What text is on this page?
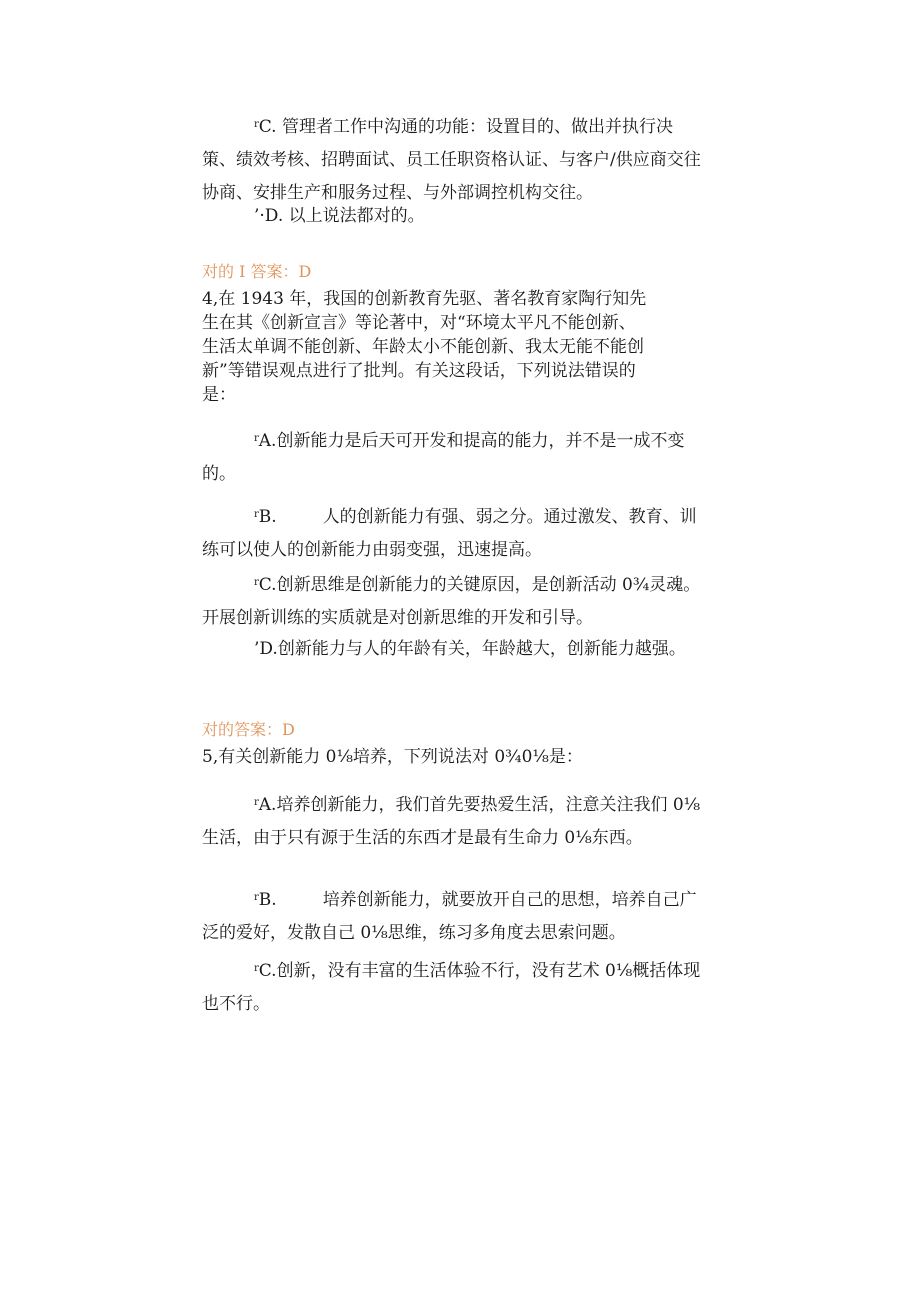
$^r$C. 管理者工作中沟通的功能：设置目的、做出并执行决策、绩效考核、招聘面试、员工任职资格认证、与客户/供应商交往协商、安排生产和服务过程、与外部调控机构交往。
’·D. 以上说法都对的。
对的 I 答案：D
4,在 1943 年，我国的创新教育先驱、著名教育家陶行知先
生在其《创新宣言》等论著中，对“环境太平凡不能创新、
生活太单调不能创新、年龄太小不能创新、我太无能不能创
新”等错误观点进行了批判。有关这段话，下列说法错误的
是：
$^r$A.创新能力是后天可开发和提高的能力，并不是一成不变的。
$^r$B.	人的创新能力有强、弱之分。通过激发、教育、训练可以使人的创新能力由弱变强，迅速提高。
$^r$C.创新思维是创新能力的关键原因，是创新活动 0¾灵魂。开展创新训练的实质就是对创新思维的开发和引导。
’D.创新能力与人的年龄有关，年龄越大，创新能力越强。
对的答案：D
5,有关创新能力 0⅛培养，下列说法对 0¾0⅛是：
$^r$A.培养创新能力，我们首先要热爱生活，注意关注我们 0⅛生活，由于只有源于生活的东西才是最有生命力 0⅛东西。
$^r$B.	培养创新能力，就要放开自己的思想，培养自己广泛的爱好，发散自己 0⅛思维，练习多角度去思索问题。
$^r$C.创新，没有丰富的生活体验不行，没有艺术 0⅛概括体现也不行。
